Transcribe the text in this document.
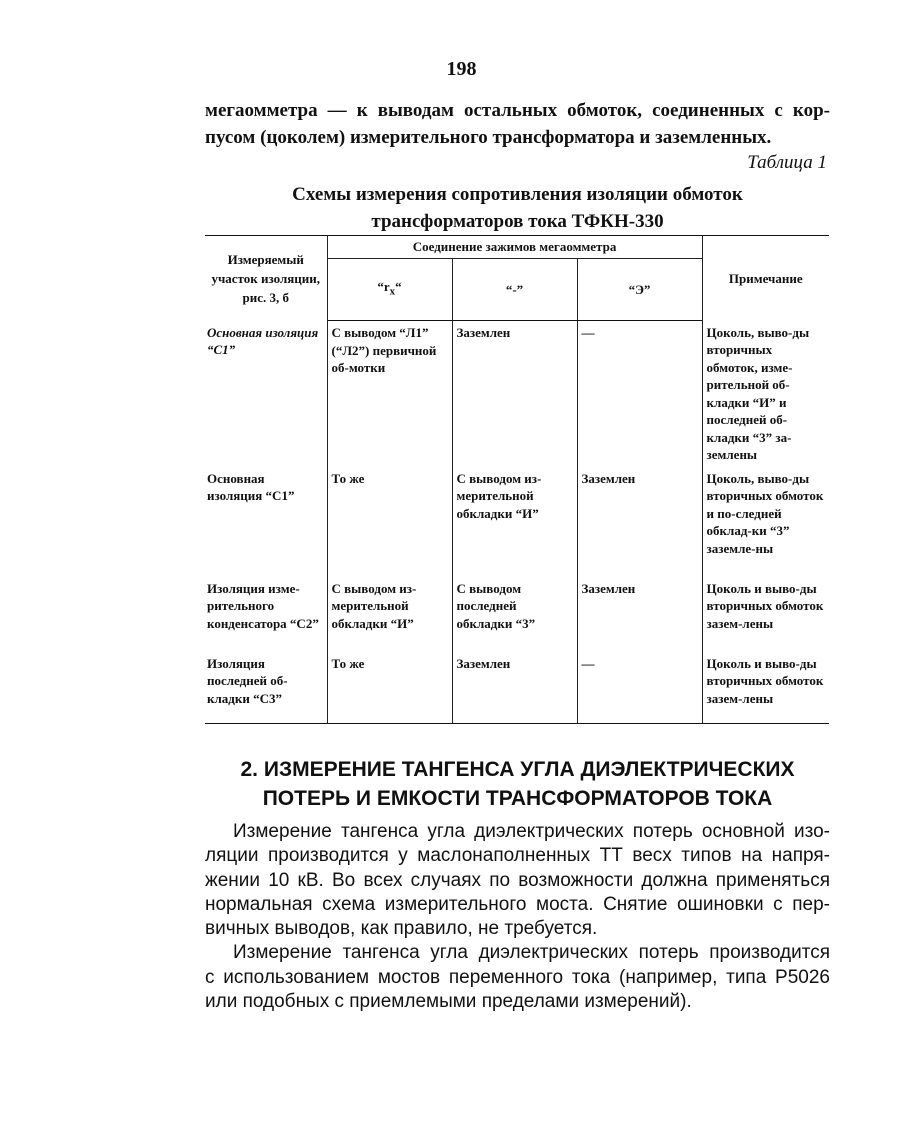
198
мегаомметра — к выводам остальных обмоток, соединенных с кор-
пусом (цоколем) измерительного трансформатора и заземленных.
Таблица 1
Схемы измерения сопротивления изоляции обмоток
трансформаторов тока ТФКН-330
Измеряемый участок изоляции, рис. 3, б	Соединение зажимов мегаомметра			Примечание
	“$r_x“$	“-”	“Э”	
Основная изоляция “С1”	С выводом “Л1” (“Л2”) первичной об-мотки	Заземлен	—	Цоколь, выво-ды вторичных обмоток, изме-рительной об-кладки “И” и последней об-кладки “3” за-землены
Основная изоляция “С1”	То же	С выводом из-мерительной обкладки “И”	Заземлен	Цоколь, выво-ды вторичных обмоток и по-следней обклад-ки “3” заземле-ны
Изоляция изме-рительного конденсатора “С2”	С выводом из-мерительной обкладки “И”	С выводом последней обкладки “3”	Заземлен	Цоколь и выво-ды вторичных обмоток зазем-лены
Изоляция последней об-кладки “С3”	То же	Заземлен	—	Цоколь и выво-ды вторичных обмоток зазем-лены
2. ИЗМЕРЕНИЕ ТАНГЕНСА УГЛА ДИЭЛЕКТРИЧЕСКИХ
ПОТЕРЬ И ЕМКОСТИ ТРАНСФОРМАТОРОВ ТОКА
Измерение тангенса угла диэлектрических потерь основной изо-
ляции производится у маслонаполненных ТТ весх типов на напря-
жении 10 кВ. Во всех случаях по возможности должна применяться
нормальная схема измерительного моста. Снятие ошиновки с пер-
вичных выводов, как правило, не требуется.
Измерение тангенса угла диэлектрических потерь производится
с использованием мостов переменного тока (например, типа Р5026
или подобных с приемлемыми пределами измерений).
